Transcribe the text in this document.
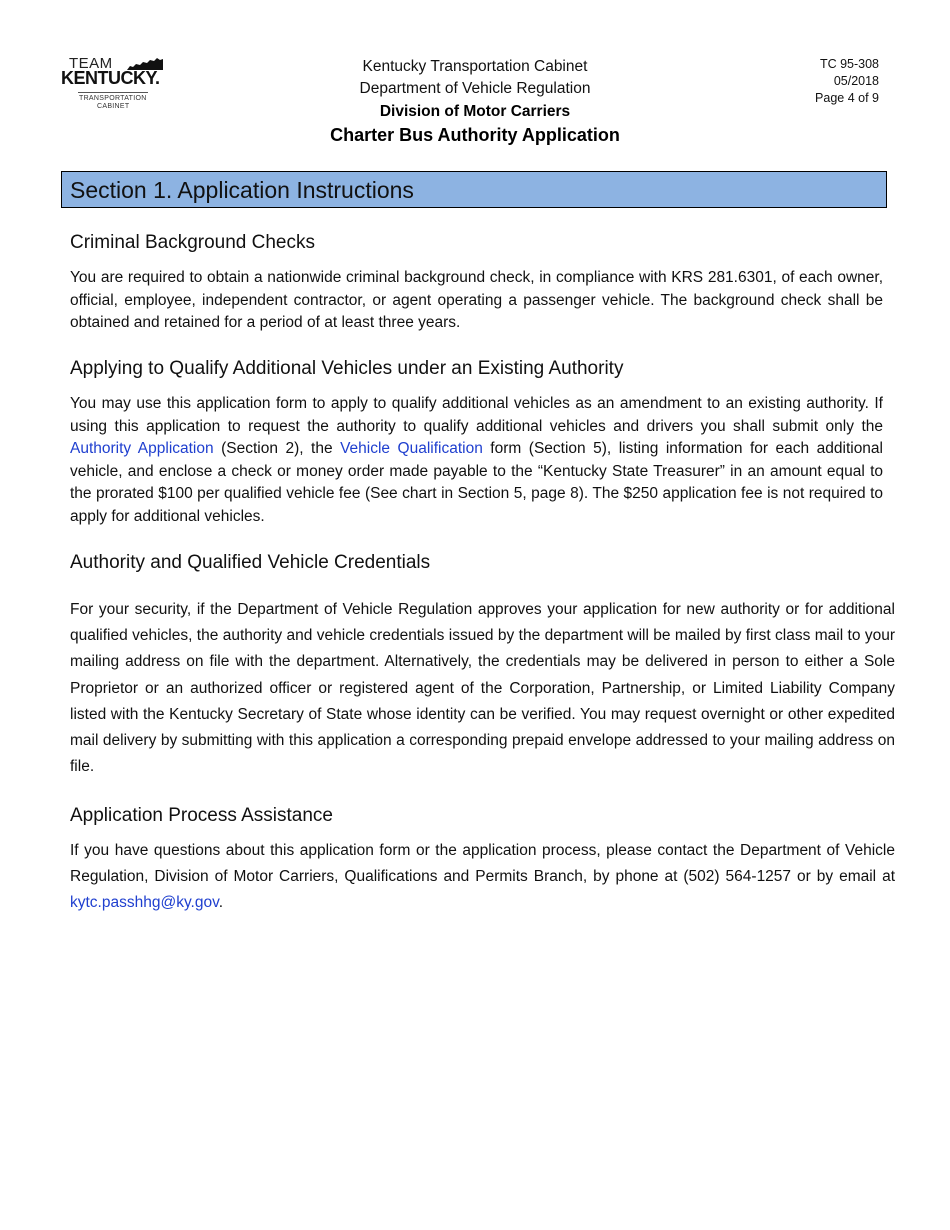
TEAM
KENTUCKY.
TRANSPORTATION
CABINET
Kentucky Transportation Cabinet
Department of Vehicle Regulation
Division of Motor Carriers
Charter Bus Authority Application
TC 95-308
05/2018
Page 4 of 9
Section 1. Application Instructions
Criminal Background Checks
You are required to obtain a nationwide criminal background check, in compliance with KRS 281.6301, of each owner, official, employee, independent contractor, or agent operating a passenger vehicle. The background check shall be obtained and retained for a period of at least three years.
Applying to Qualify Additional Vehicles under an Existing Authority
You may use this application form to apply to qualify additional vehicles as an amendment to an existing authority. If using this application to request the authority to qualify additional vehicles and drivers you shall submit only the Authority Application (Section 2), the Vehicle Qualification form (Section 5), listing information for each additional vehicle, and enclose a check or money order made payable to the “Kentucky State Treasurer” in an amount equal to the prorated $100 per qualified vehicle fee (See chart in Section 5, page 8). The $250 application fee is not required to apply for additional vehicles.
Authority and Qualified Vehicle Credentials
For your security, if the Department of Vehicle Regulation approves your application for new authority or for additional qualified vehicles, the authority and vehicle credentials issued by the department will be mailed by first class mail to your mailing address on file with the department. Alternatively, the credentials may be delivered in person to either a Sole Proprietor or an authorized officer or registered agent of the Corporation, Partnership, or Limited Liability Company listed with the Kentucky Secretary of State whose identity can be verified. You may request overnight or other expedited mail delivery by submitting with this application a corresponding prepaid envelope addressed to your mailing address on file.
Application Process Assistance
If you have questions about this application form or the application process, please contact the Department of Vehicle Regulation, Division of Motor Carriers, Qualifications and Permits Branch, by phone at (502) 564-1257 or by email at kytc.passhhg@ky.gov.
